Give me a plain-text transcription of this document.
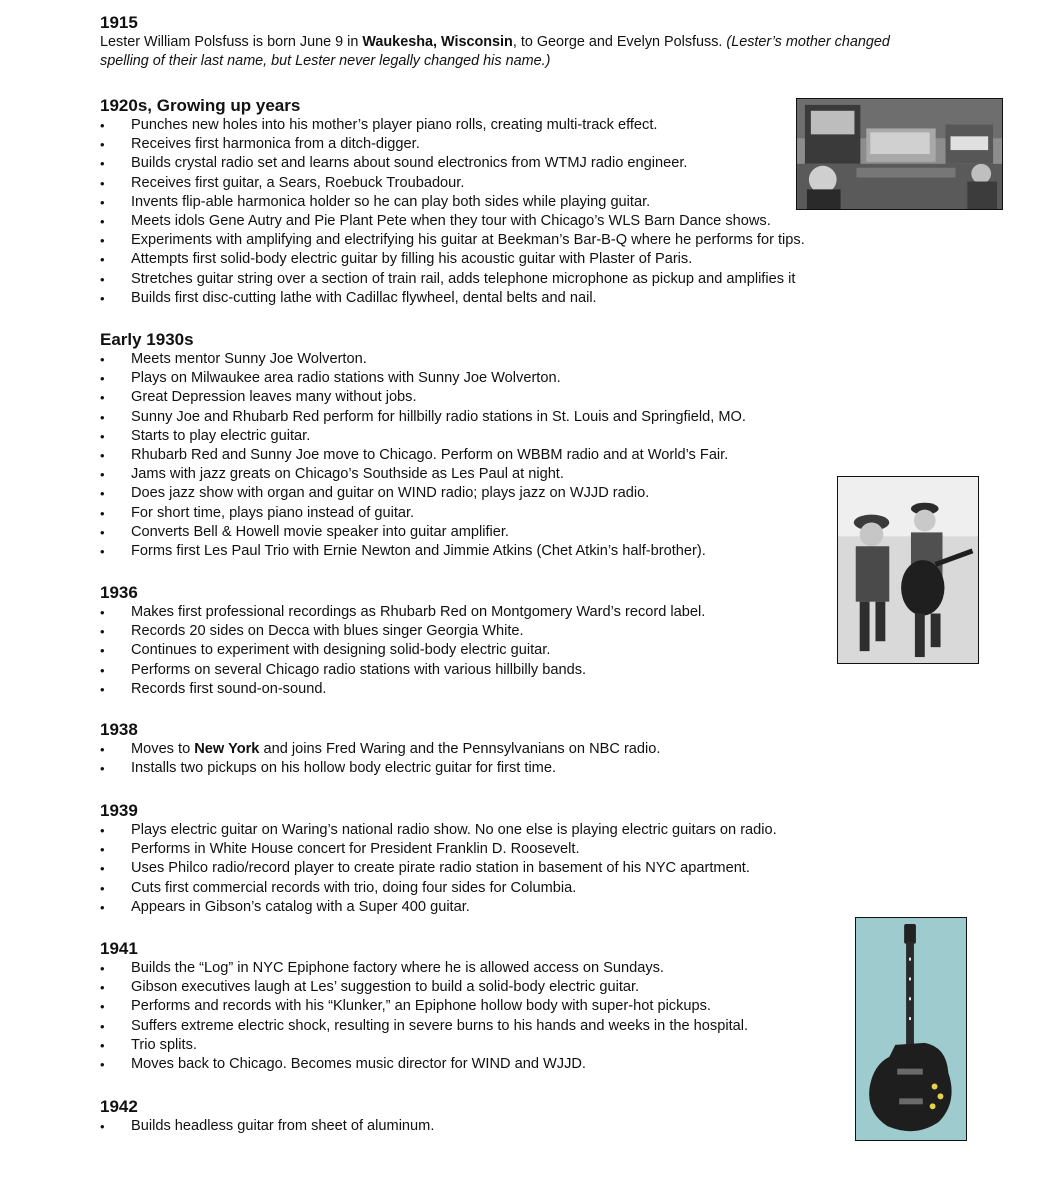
1915

Lester William Polsfuss is born June 9 in Waukesha, Wisconsin, to George and Evelyn Polsfuss. (Lester’s mother changed spelling of their last name, but Lester never legally changed his name.)

1920s, Growing up years
• Punches new holes into his mother’s player piano rolls, creating multi-track effect.
• Receives first harmonica from a ditch-digger.
• Builds crystal radio set and learns about sound electronics from WTMJ radio engineer.
• Receives first guitar, a Sears, Roebuck Troubadour.
• Invents flip-able harmonica holder so he can play both sides while playing guitar.
• Meets idols Gene Autry and Pie Plant Pete when they tour with Chicago’s WLS Barn Dance shows.
• Experiments with amplifying and electrifying his guitar at Beekman’s Bar-B-Q where he performs for tips.
• Attempts first solid-body electric guitar by filling his acoustic guitar with Plaster of Paris.
• Stretches guitar string over a section of train rail, adds telephone microphone as pickup and amplifies it
• Builds first disc-cutting lathe with Cadillac flywheel, dental belts and nail.
Early 1930s
• Meets mentor Sunny Joe Wolverton.
• Plays on Milwaukee area radio stations with Sunny Joe Wolverton.
• Great Depression leaves many without jobs.
• Sunny Joe and Rhubarb Red perform for hillbilly radio stations in St. Louis and Springfield, MO.
• Starts to play electric guitar.
• Rhubarb Red and Sunny Joe move to Chicago. Perform on WBBM radio and at World’s Fair.
• Jams with jazz greats on Chicago’s Southside as Les Paul at night.
• Does jazz show with organ and guitar on WIND radio; plays jazz on WJJD radio.
• For short time, plays piano instead of guitar.
• Converts Bell & Howell movie speaker into guitar amplifier.
• Forms first Les Paul Trio with Ernie Newton and Jimmie Atkins (Chet Atkin’s half-brother).
1936
• Makes first professional recordings as Rhubarb Red on Montgomery Ward’s record label.
• Records 20 sides on Decca with blues singer Georgia White.
• Continues to experiment with designing solid-body electric guitar.
• Performs on several Chicago radio stations with various hillbilly bands.
• Records first sound-on-sound.
1938
• Moves to New York and joins Fred Waring and the Pennsylvanians on NBC radio.
• Installs two pickups on his hollow body electric guitar for first time.
1939
• Plays electric guitar on Waring’s national radio show. No one else is playing electric guitars on radio.
• Performs in White House concert for President Franklin D. Roosevelt.
• Uses Philco radio/record player to create pirate radio station in basement of his NYC apartment.
• Cuts first commercial records with trio, doing four sides for Columbia.
• Appears in Gibson’s catalog with a Super 400 guitar.
1941
• Builds the “Log” in NYC Epiphone factory where he is allowed access on Sundays.
• Gibson executives laugh at Les’ suggestion to build a solid-body electric guitar.
• Performs and records with his “Klunker,” an Epiphone hollow body with super-hot pickups.
• Suffers extreme electric shock, resulting in severe burns to his hands and weeks in the hospital.
• Trio splits.
• Moves back to Chicago. Becomes music director for WIND and WJJD.
1942
• Builds headless guitar from sheet of aluminum.
